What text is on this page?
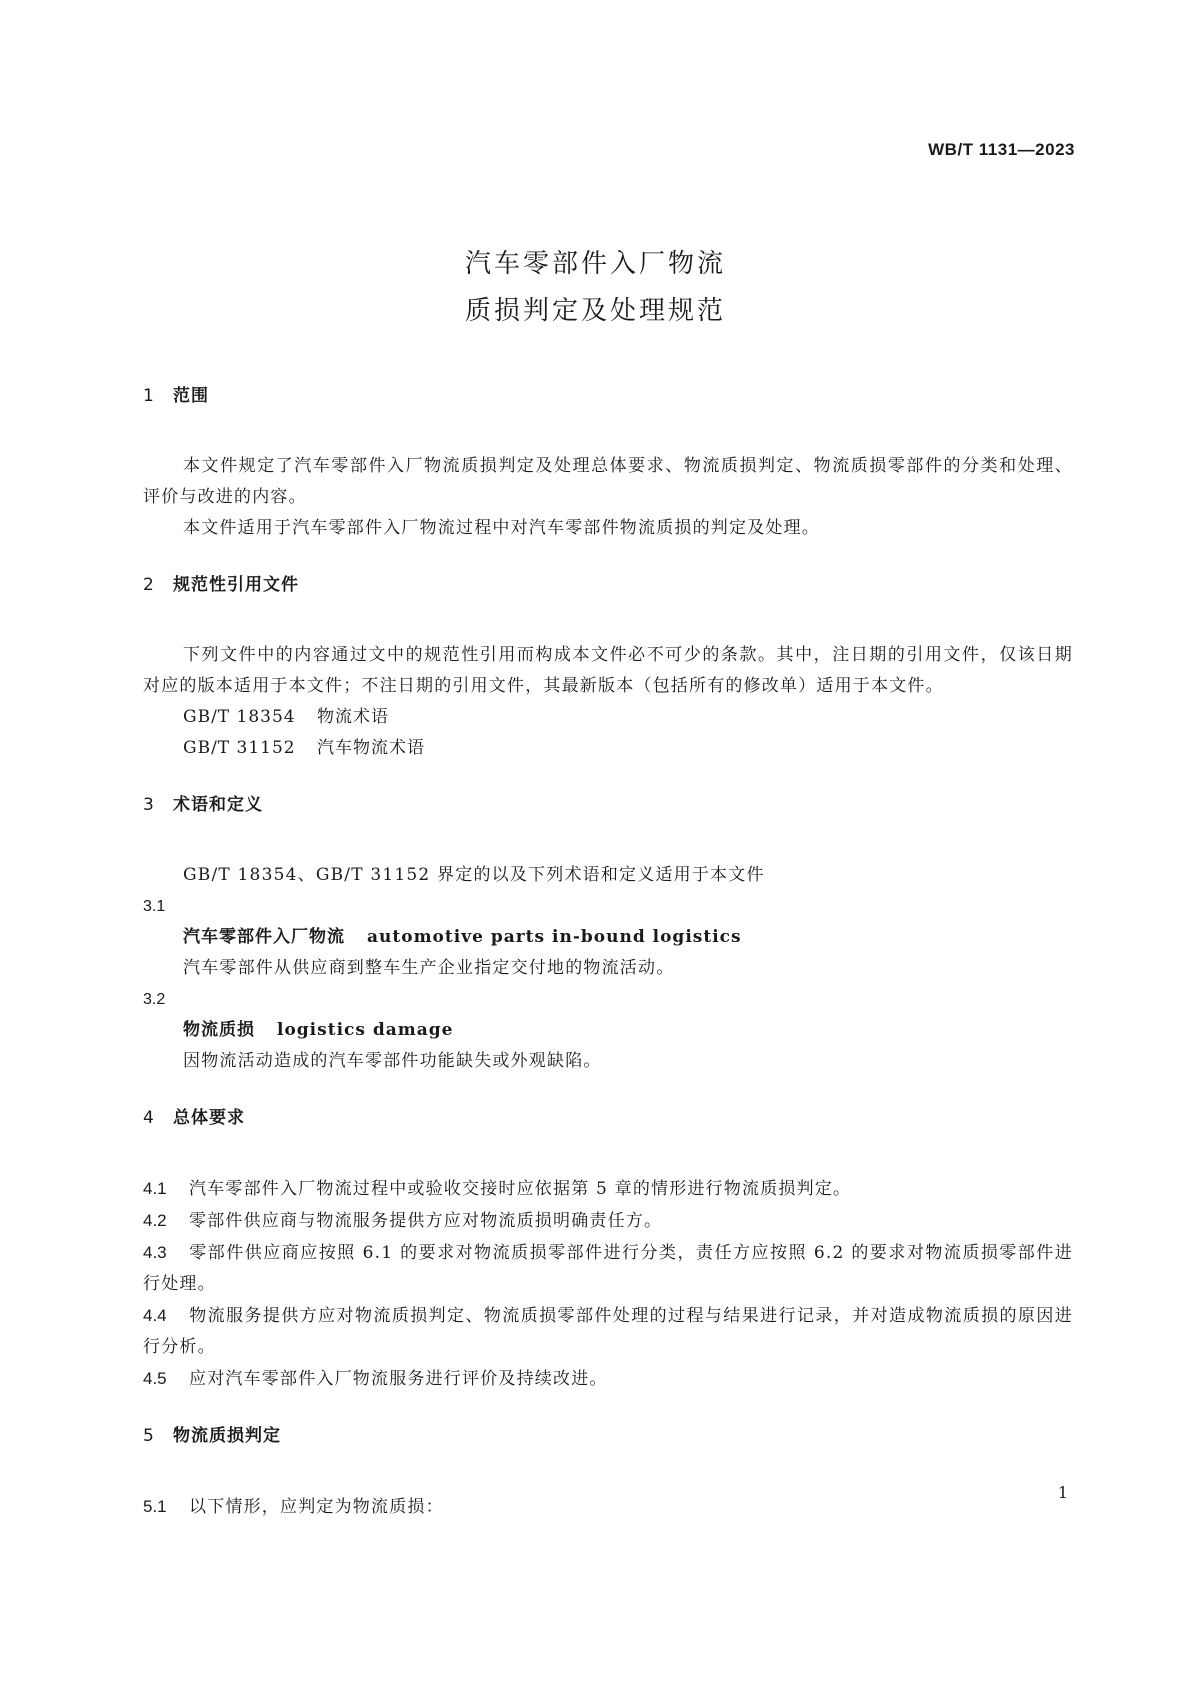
WB/T 1131—2023
汽车零部件入厂物流
质损判定及处理规范
1 范围

本文件规定了汽车零部件入厂物流质损判定及处理总体要求、物流质损判定、物流质损零部件的分类和处理、评价与改进的内容。

本文件适用于汽车零部件入厂物流过程中对汽车零部件物流质损的判定及处理。

2 规范性引用文件

下列文件中的内容通过文中的规范性引用而构成本文件必不可少的条款。其中，注日期的引用文件，仅该日期对应的版本适用于本文件；不注日期的引用文件，其最新版本（包括所有的修改单）适用于本文件。

GB/T 18354 物流术语
GB/T 31152 汽车物流术语
3 术语和定义

GB/T 18354、GB/T 31152 界定的以及下列术语和定义适用于本文件

3.1
汽车零部件入厂物流 automotive parts in-bound logistics
汽车零部件从供应商到整车生产企业指定交付地的物流活动。
3.2
物流质损 logistics damage
因物流活动造成的汽车零部件功能缺失或外观缺陷。
4 总体要求
4.1 汽车零部件入厂物流过程中或验收交接时应依据第 5 章的情形进行物流质损判定。
4.2 零部件供应商与物流服务提供方应对物流质损明确责任方。
4.3 零部件供应商应按照 6.1 的要求对物流质损零部件进行分类，责任方应按照 6.2 的要求对物流质损零部件进行处理。
4.4 物流服务提供方应对物流质损判定、物流质损零部件处理的过程与结果进行记录，并对造成物流质损的原因进行分析。
4.5 应对汽车零部件入厂物流服务进行评价及持续改进。
5 物流质损判定
5.1 以下情形，应判定为物流质损：
1
